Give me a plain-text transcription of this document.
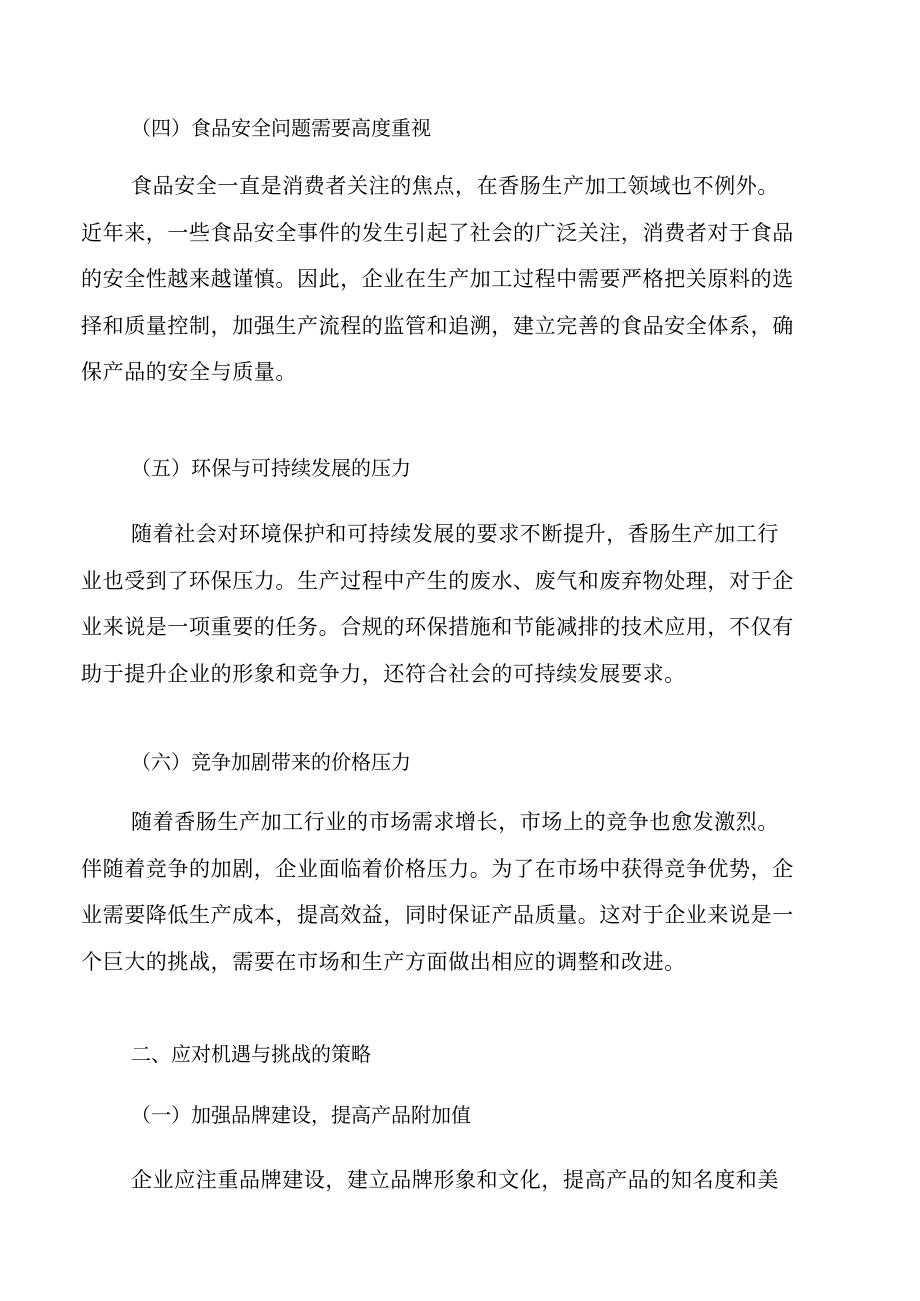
（四）食品安全问题需要高度重视
食品安全一直是消费者关注的焦点，在香肠生产加工领域也不例外。
近年来，一些食品安全事件的发生引起了社会的广泛关注，消费者对于食品
的安全性越来越谨慎。因此，企业在生产加工过程中需要严格把关原料的选
择和质量控制，加强生产流程的监管和追溯，建立完善的食品安全体系，确
保产品的安全与质量。
（五）环保与可持续发展的压力
随着社会对环境保护和可持续发展的要求不断提升，香肠生产加工行
业也受到了环保压力。生产过程中产生的废水、废气和废弃物处理，对于企
业来说是一项重要的任务。合规的环保措施和节能减排的技术应用，不仅有
助于提升企业的形象和竞争力，还符合社会的可持续发展要求。
（六）竞争加剧带来的价格压力
随着香肠生产加工行业的市场需求增长，市场上的竞争也愈发激烈。
伴随着竞争的加剧，企业面临着价格压力。为了在市场中获得竞争优势，企
业需要降低生产成本，提高效益，同时保证产品质量。这对于企业来说是一
个巨大的挑战，需要在市场和生产方面做出相应的调整和改进。
二、应对机遇与挑战的策略
（一）加强品牌建设，提高产品附加值
企业应注重品牌建设，建立品牌形象和文化，提高产品的知名度和美
